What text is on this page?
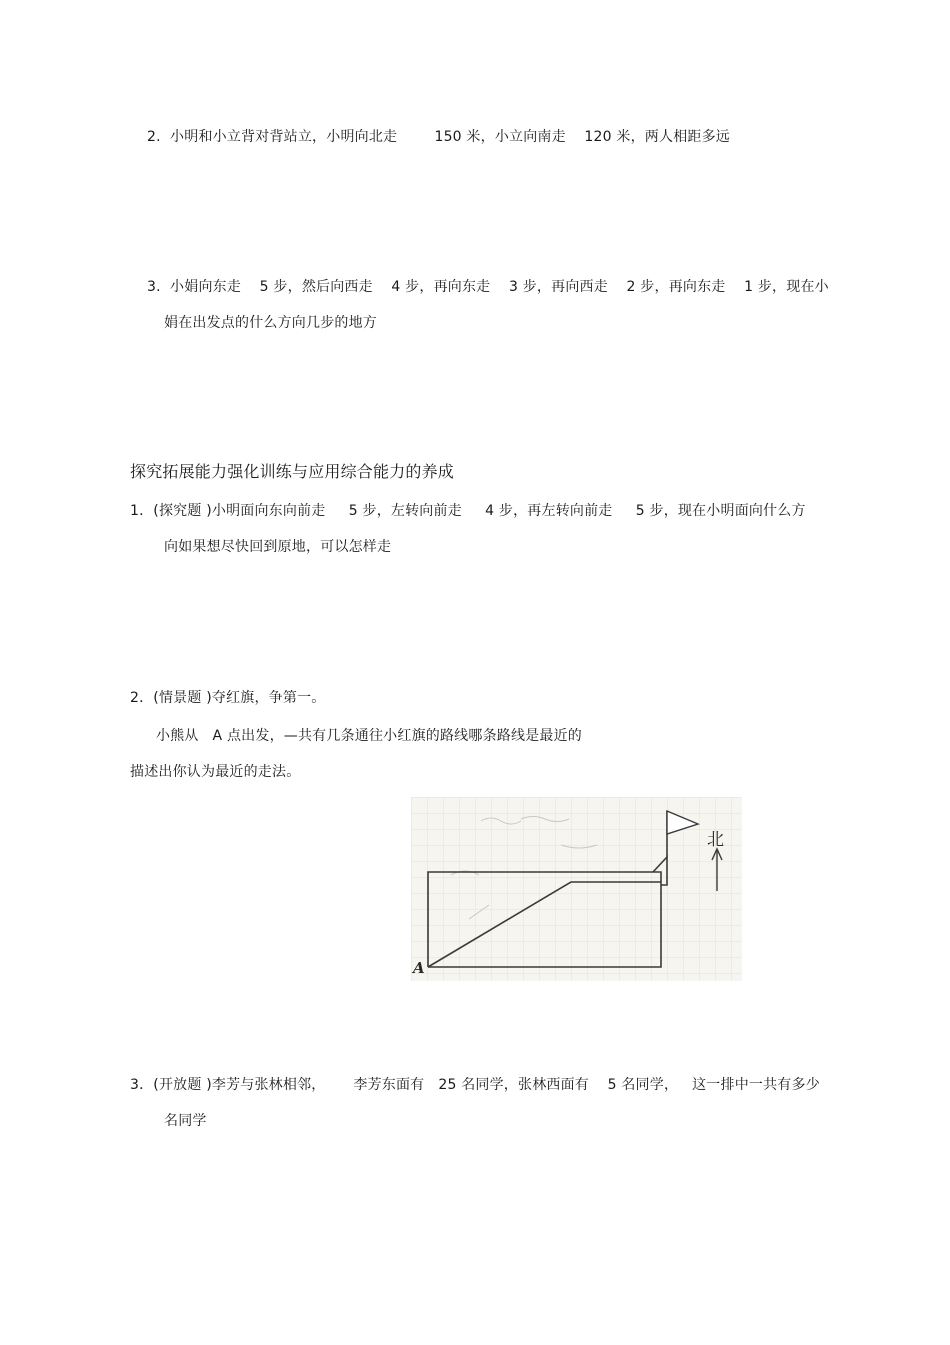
2.  小明和小立背对背站立，小明向北走        150 米，小立向南走    120 米，两人相距多远
3.  小娟向东走    5 步，然后向西走    4 步，再向东走    3 步，再向西走    2 步，再向东走    1 步，现在小
娟在出发点的什么方向几步的地方
探究拓展能力强化训练与应用综合能力的养成
1．(探究题 )小明面向东向前走     5 步，左转向前走     4 步，再左转向前走     5 步，现在小明面向什么方
向如果想尽快回到原地，可以怎样走
2．(情景题 )夺红旗，争第一。
小熊从   A 点出发，—共有几条通往小红旗的路线哪条路线是最近的
描述出你认为最近的走法。
北
A
3．(开放题 )李芳与张林相邻，      李芳东面有   25 名同学，张林西面有    5 名同学，   这一排中一共有多少
名同学
